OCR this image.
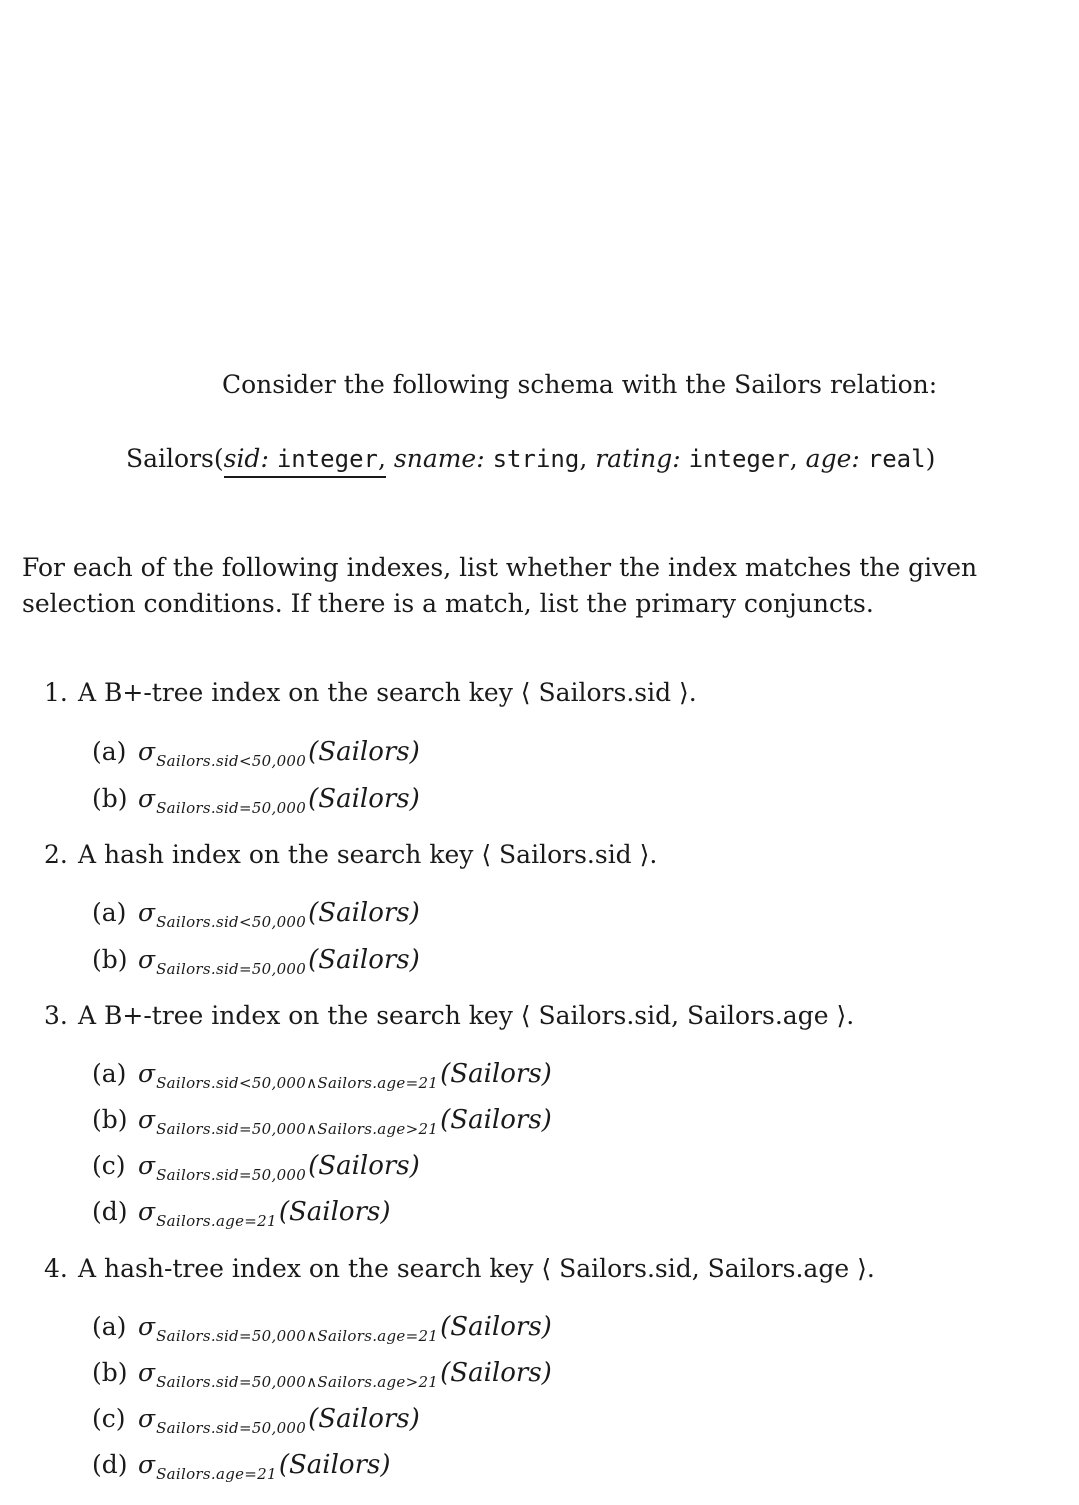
Consider the following schema with the Sailors relation:
Sailors(sid: integer, sname: string, rating: integer, age: real)
For each of the following indexes, list whether the index matches the given selection conditions. If there is a match, list the primary conjuncts.
1. A B+-tree index on the search key ⟨ Sailors.sid ⟩.
(a) $\sigma_{Sailors.sid<50,000}(Sailors)$
(b) $\sigma_{Sailors.sid=50,000}(Sailors)$
2. A hash index on the search key ⟨ Sailors.sid ⟩.
(a) $\sigma_{Sailors.sid<50,000}(Sailors)$
(b) $\sigma_{Sailors.sid=50,000}(Sailors)$
3. A B+-tree index on the search key ⟨ Sailors.sid, Sailors.age ⟩.
(a) $\sigma_{Sailors.sid<50,000\wedge Sailors.age=21}(Sailors)$
(b) $\sigma_{Sailors.sid=50,000\wedge Sailors.age>21}(Sailors)$
(c) $\sigma_{Sailors.sid=50,000}(Sailors)$
(d) $\sigma_{Sailors.age=21}(Sailors)$
4. A hash-tree index on the search key ⟨ Sailors.sid, Sailors.age ⟩.
(a) $\sigma_{Sailors.sid=50,000\wedge Sailors.age=21}(Sailors)$
(b) $\sigma_{Sailors.sid=50,000\wedge Sailors.age>21}(Sailors)$
(c) $\sigma_{Sailors.sid=50,000}(Sailors)$
(d) $\sigma_{Sailors.age=21}(Sailors)$
